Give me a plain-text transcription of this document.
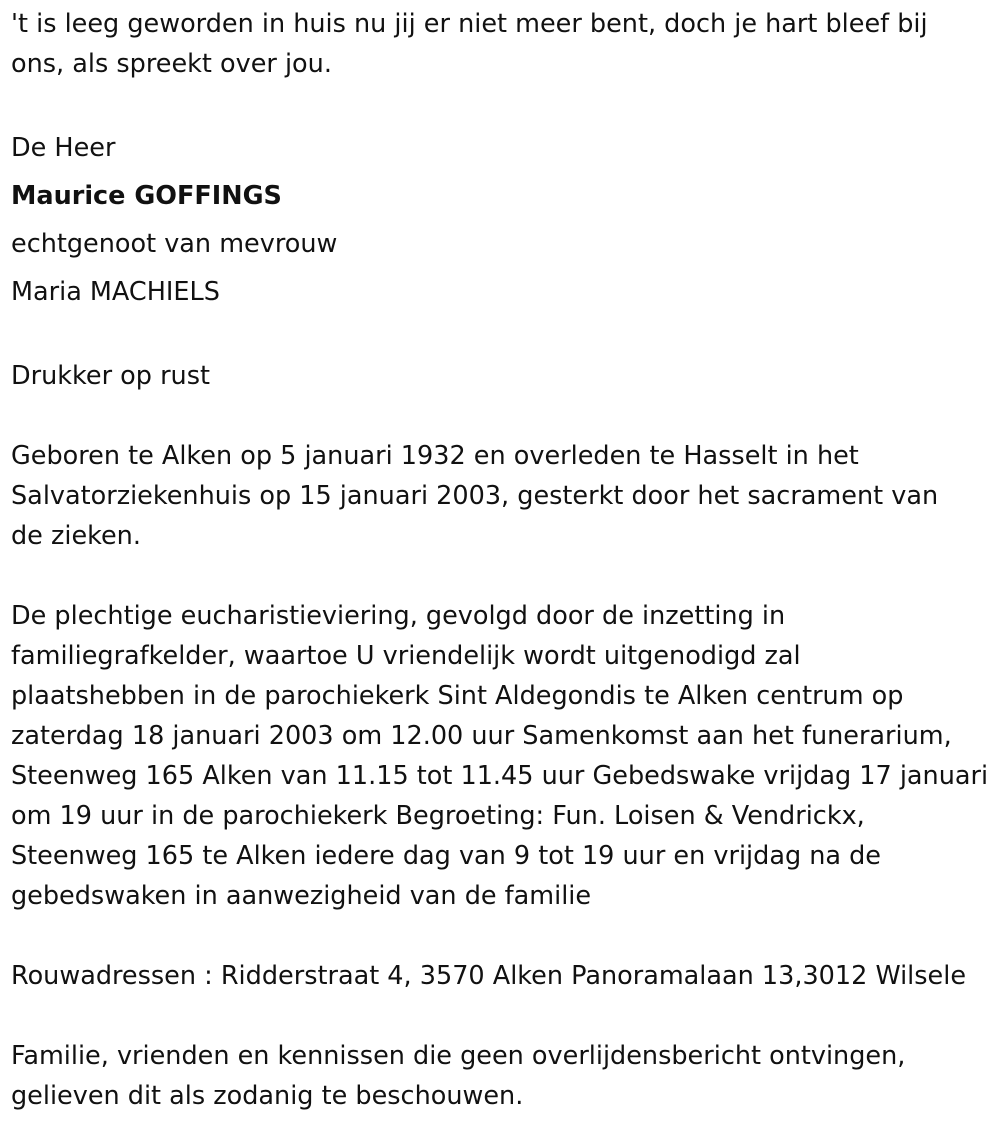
't is leeg geworden in huis nu jij er niet meer bent, doch je hart bleef bij
ons, als spreekt over jou.
De Heer
Maurice GOFFINGS
echtgenoot van mevrouw
Maria MACHIELS
Drukker op rust
Geboren te Alken op 5 januari 1932 en overleden te Hasselt in het
Salvatorziekenhuis op 15 januari 2003, gesterkt door het sacrament van
de zieken.
De plechtige eucharistieviering, gevolgd door de inzetting in
familiegrafkelder, waartoe U vriendelijk wordt uitgenodigd zal
plaatshebben in de parochiekerk Sint Aldegondis te Alken centrum op
zaterdag 18 januari 2003 om 12.00 uur Samenkomst aan het funerarium,
Steenweg 165 Alken van 11.15 tot 11.45 uur Gebedswake vrijdag 17 januari
om 19 uur in de parochiekerk Begroeting: Fun. Loisen & Vendrickx,
Steenweg 165 te Alken iedere dag van 9 tot 19 uur en vrijdag na de
gebedswaken in aanwezigheid van de familie
Rouwadressen : Ridderstraat 4, 3570 Alken Panoramalaan 13,3012 Wilsele
Familie, vrienden en kennissen die geen overlijdensbericht ontvingen,
gelieven dit als zodanig te beschouwen.
